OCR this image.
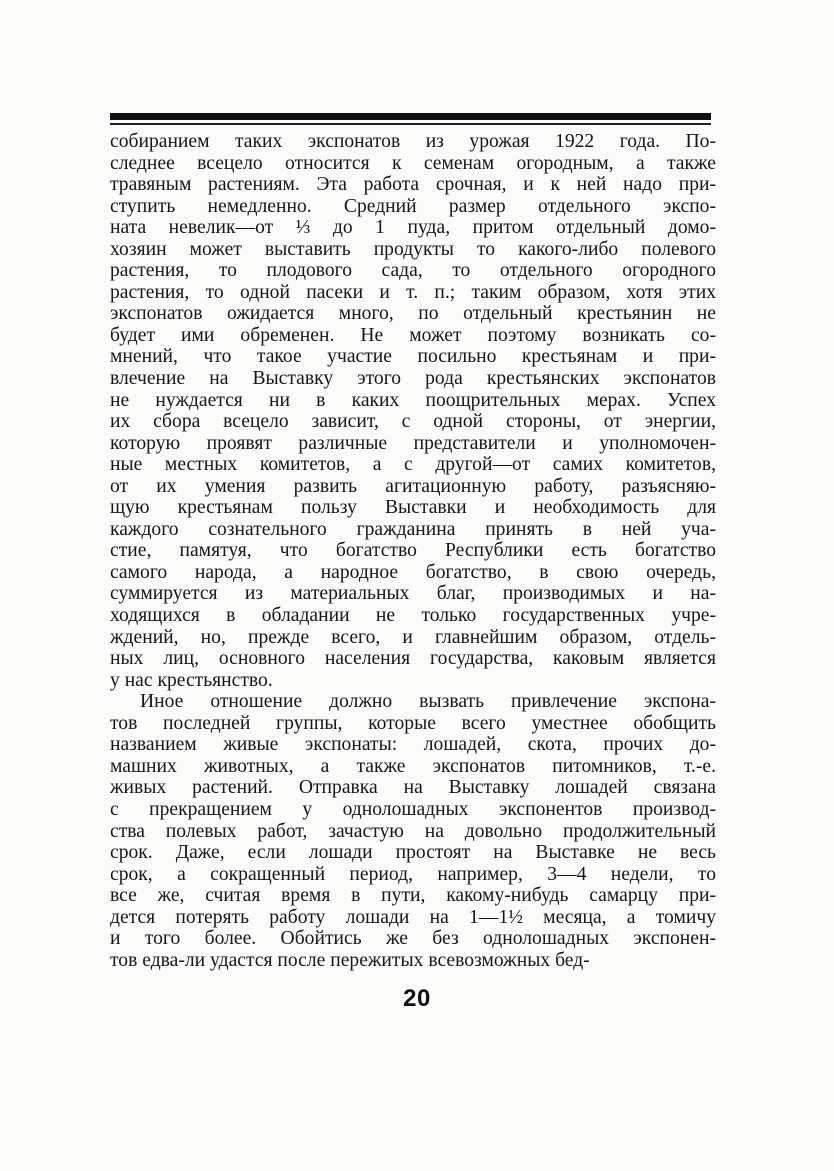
собиранием таких экспонатов из урожая 1922 года. По-
следнее всецело относится к семенам огородным, а также
травяным растениям. Эта работа срочная, и к ней надо при-
ступить немедленно. Средний размер отдельного экспо-
ната невелик—от ⅓ до 1 пуда, притом отдельный домо-
хозяин может выставить продукты то какого-либо полевого
растения, то плодового сада, то отдельного огородного
растения, то одной пасеки и т. п.; таким образом, хотя этих
экспонатов ожидается много, по отдельный крестьянин не
будет ими обременен. Не может поэтому возникать со-
мнений, что такое участие посильно крестьянам и при-
влечение на Выставку этого рода крестьянских экспонатов
не нуждается ни в каких поощрительных мерах. Успех
их сбора всецело зависит, с одной стороны, от энергии,
которую проявят различные представители и уполномочен-
ные местных комитетов, а с другой—от самих комитетов,
от их умения развить агитационную работу, разъясняю-
щую крестьянам пользу Выставки и необходимость для
каждого сознательного гражданина принять в ней уча-
стие, памятуя, что богатство Республики есть богатство
самого народа, а народное богатство, в свою очередь,
суммируется из материальных благ, производимых и на-
ходящихся в обладании не только государственных учре-
ждений, но, прежде всего, и главнейшим образом, отдель-
ных лиц, основного населения государства, каковым является
у нас крестьянство.
Иное отношение должно вызвать привлечение экспона-
тов последней группы, которые всего уместнее обобщить
названием живые экспонаты: лошадей, скота, прочих до-
машних животных, а также экспонатов питомников, т.-е.
живых растений. Отправка на Выставку лошадей связана
с прекращением у однолошадных экспонентов производ-
ства полевых работ, зачастую на довольно продолжительный
срок. Даже, если лошади простоят на Выставке не весь
срок, а сокращенный период, например, 3—4 недели, то
все же, считая время в пути, какому-нибудь самарцу при-
дется потерять работу лошади на 1—1½ месяца, а томичу
и того более. Обойтись же без однолошадных экспонен-
тов едва-ли удастся после пережитых всевозможных бед-
20
